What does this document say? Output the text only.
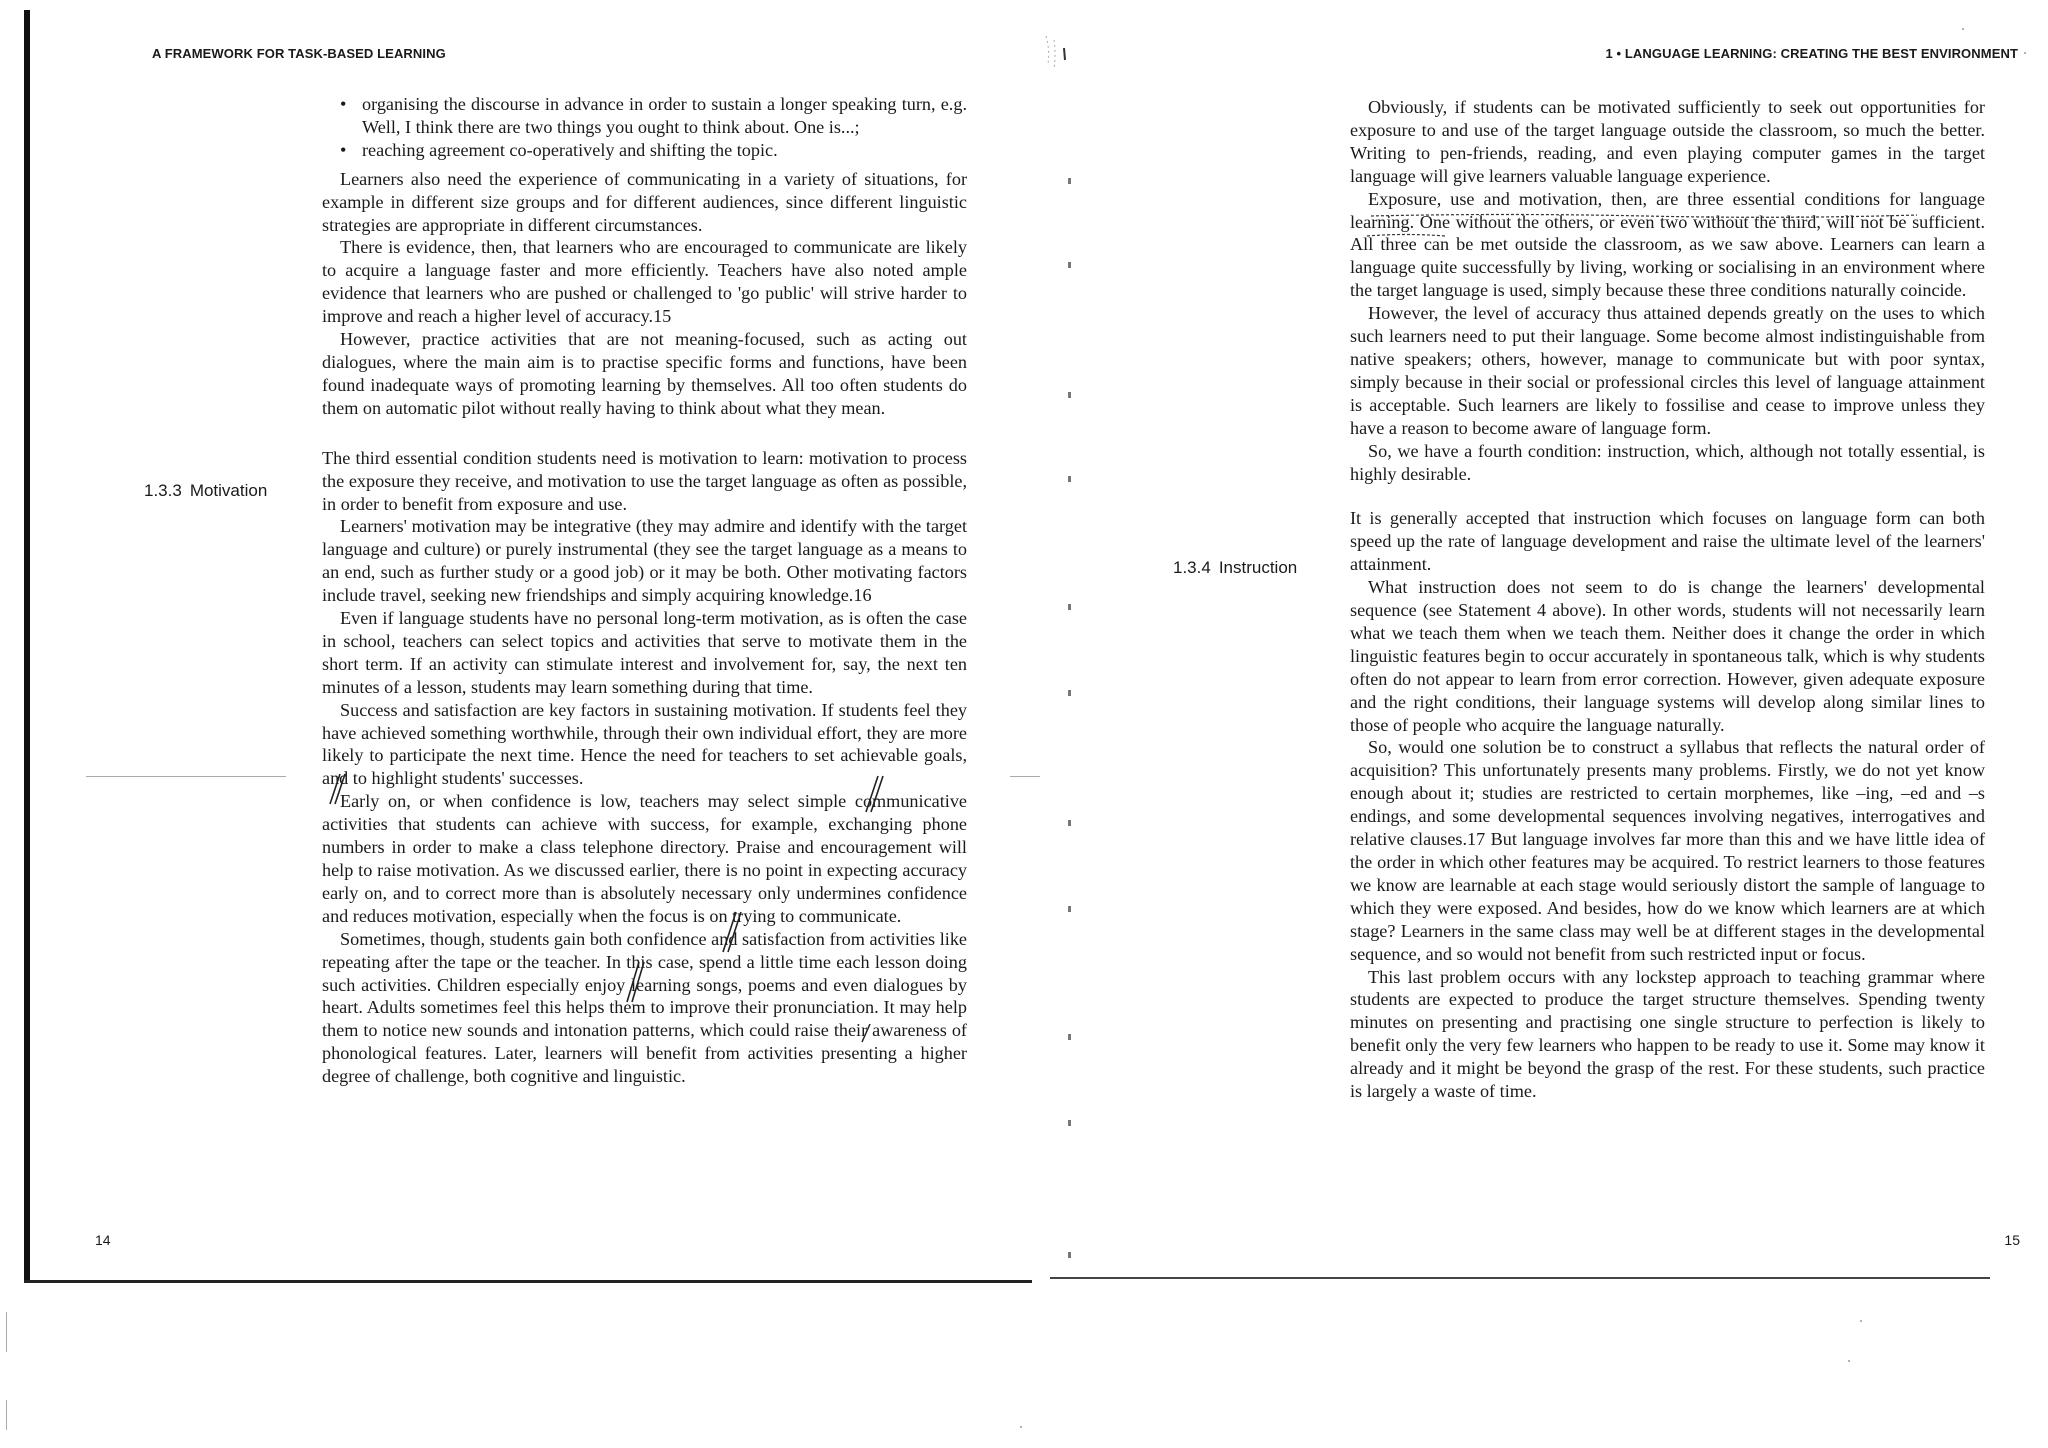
A FRAMEWORK FOR TASK-BASED LEARNING
1.3.3 Motivation
• organising the discourse in advance in order to sustain a longer speaking turn, e.g. Well, I think there are two things you ought to think about. One is...;
• reaching agreement co-operatively and shifting the topic.

Learners also need the experience of communicating in a variety of situations, for example in different size groups and for different audiences, since different linguistic strategies are appropriate in different circumstances.

There is evidence, then, that learners who are encouraged to communicate are likely to acquire a language faster and more efficiently. Teachers have also noted ample evidence that learners who are pushed or challenged to 'go public' will strive harder to improve and reach a higher level of accuracy.15

However, practice activities that are not meaning-focused, such as acting out dialogues, where the main aim is to practise specific forms and functions, have been found inadequate ways of promoting learning by themselves. All too often students do them on automatic pilot without really having to think about what they mean.

The third essential condition students need is motivation to learn: motivation to process the exposure they receive, and motivation to use the target language as often as possible, in order to benefit from exposure and use.

Learners' motivation may be integrative (they may admire and identify with the target language and culture) or purely instrumental (they see the target language as a means to an end, such as further study or a good job) or it may be both. Other motivating factors include travel, seeking new friendships and simply acquiring knowledge.16

Even if language students have no personal long-term motivation, as is often the case in school, teachers can select topics and activities that serve to motivate them in the short term. If an activity can stimulate interest and involvement for, say, the next ten minutes of a lesson, students may learn something during that time.

Success and satisfaction are key factors in sustaining motivation. If students feel they have achieved something worthwhile, through their own individual effort, they are more likely to participate the next time. Hence the need for teachers to set achievable goals, and to highlight students' successes.

Early on, or when confidence is low, teachers may select simple communicative activities that students can achieve with success, for example, exchanging phone numbers in order to make a class telephone directory. Praise and encouragement will help to raise motivation. As we discussed earlier, there is no point in expecting accuracy early on, and to correct more than is absolutely necessary only undermines confidence and reduces motivation, especially when the focus is on trying to communicate.

Sometimes, though, students gain both confidence and satisfaction from activities like repeating after the tape or the teacher. In this case, spend a little time each lesson doing such activities. Children especially enjoy learning songs, poems and even dialogues by heart. Adults sometimes feel this helps them to improve their pronunciation. It may help them to notice new sounds and intonation patterns, which could raise their awareness of phonological features. Later, learners will benefit from activities presenting a higher degree of challenge, both cognitive and linguistic.

14
1 • LANGUAGE LEARNING: CREATING THE BEST ENVIRONMENT
1.3.4 Instruction

Obviously, if students can be motivated sufficiently to seek out opportunities for exposure to and use of the target language outside the classroom, so much the better. Writing to pen-friends, reading, and even playing computer games in the target language will give learners valuable language experience.

Exposure, use and motivation, then, are three essential conditions for language learning. One without the others, or even two without the third, will not be sufficient. All three can be met outside the classroom, as we saw above. Learners can learn a language quite successfully by living, working or socialising in an environment where the target language is used, simply because these three conditions naturally coincide.

However, the level of accuracy thus attained depends greatly on the uses to which such learners need to put their language. Some become almost indistinguishable from native speakers; others, however, manage to communicate but with poor syntax, simply because in their social or professional circles this level of language attainment is acceptable. Such learners are likely to fossilise and cease to improve unless they have a reason to become aware of language form.

So, we have a fourth condition: instruction, which, although not totally essential, is highly desirable.

It is generally accepted that instruction which focuses on language form can both speed up the rate of language development and raise the ultimate level of the learners' attainment.

What instruction does not seem to do is change the learners' developmental sequence (see Statement 4 above). In other words, students will not necessarily learn what we teach them when we teach them. Neither does it change the order in which linguistic features begin to occur accurately in spontaneous talk, which is why students often do not appear to learn from error correction. However, given adequate exposure and the right conditions, their language systems will develop along similar lines to those of people who acquire the language naturally.

So, would one solution be to construct a syllabus that reflects the natural order of acquisition? This unfortunately presents many problems. Firstly, we do not yet know enough about it; studies are restricted to certain morphemes, like –ing, –ed and –s endings, and some developmental sequences involving negatives, interrogatives and relative clauses.17 But language involves far more than this and we have little idea of the order in which other features may be acquired. To restrict learners to those features we know are learnable at each stage would seriously distort the sample of language to which they were exposed. And besides, how do we know which learners are at which stage? Learners in the same class may well be at different stages in the developmental sequence, and so would not benefit from such restricted input or focus.

This last problem occurs with any lockstep approach to teaching grammar where students are expected to produce the target structure themselves. Spending twenty minutes on presenting and practising one single structure to perfection is likely to benefit only the very few learners who happen to be ready to use it. Some may know it already and it might be beyond the grasp of the rest. For these students, such practice is largely a waste of time.

15
